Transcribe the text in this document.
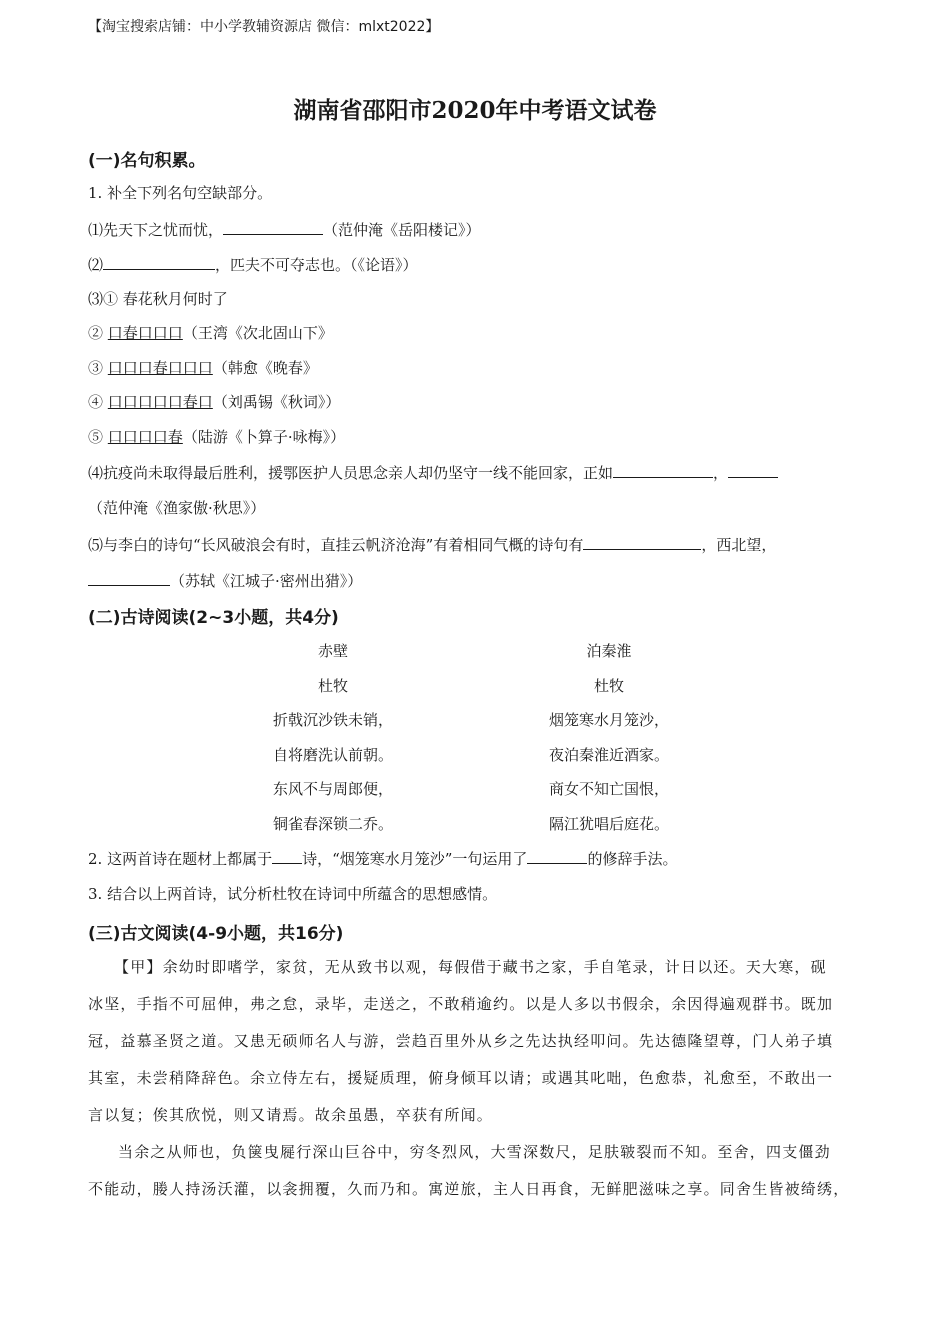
【淘宝搜索店铺：中小学教辅资源店 微信：mlxt2022】
湖南省邵阳市2020年中考语文试卷
(一)名句积累。
1. 补全下列名句空缺部分。
⑴先天下之忧而忧，	（范仲淹《岳阳楼记》）
⑵	，匹夫不可夺志也。（《论语》）
⑶① 春花秋月何时了
② 口春口口口（王湾《次北固山下》
③ 口口口春口口口（韩愈《晚春》
④ 口口口口口春口（刘禹锡《秋词》）
⑤ 口口口口春（陆游《卜算子·咏梅》）
⑷抗疫尚未取得最后胜利，援鄂医护人员思念亲人却仍坚守一线不能回家，正如	，
（范仲淹《渔家傲·秋思》）
⑸与李白的诗句“长风破浪会有时，直挂云帆济沧海”有着相同气概的诗句有	，西北望，
（苏轼《江城子·密州出猎》）
(二)古诗阅读(2~3小题，共4分)
赤壁
杜牧
折戟沉沙铁未销，
自将磨洗认前朝。
东风不与周郎便，
铜雀春深锁二乔。
泊秦淮
杜牧
烟笼寒水月笼沙，
夜泊秦淮近酒家。
商女不知亡国恨，
隔江犹唱后庭花。
2. 这两首诗在题材上都属于 诗，“烟笼寒水月笼沙”一句运用了	的修辞手法。
3. 结合以上两首诗，试分析杜牧在诗词中所蕴含的思想感情。
(三)古文阅读(4-9小题，共16分)
【甲】余幼时即嗜学，家贫，无从致书以观，每假借于藏书之家，手自笔录，计日以还。天大寒，砚
冰坚，手指不可屈伸，弗之怠，录毕，走送之，不敢稍逾约。以是人多以书假余，余因得遍观群书。既加
冠，益慕圣贤之道。又患无硕师名人与游，尝趋百里外从乡之先达执经叩问。先达德隆望尊，门人弟子填
其室，未尝稍降辞色。余立侍左右，援疑质理，俯身倾耳以请；或遇其叱咄，色愈恭，礼愈至，不敢出一
言以复；俟其欣悦，则又请焉。故余虽愚，卒获有所闻。
当余之从师也，负箧曳屣行深山巨谷中，穷冬烈风，大雪深数尺，足肤皲裂而不知。至舍，四支僵劲
不能动，媵人持汤沃灌，以衾拥覆，久而乃和。寓逆旅，主人日再食，无鲜肥滋味之享。同舍生皆被绮绣，
